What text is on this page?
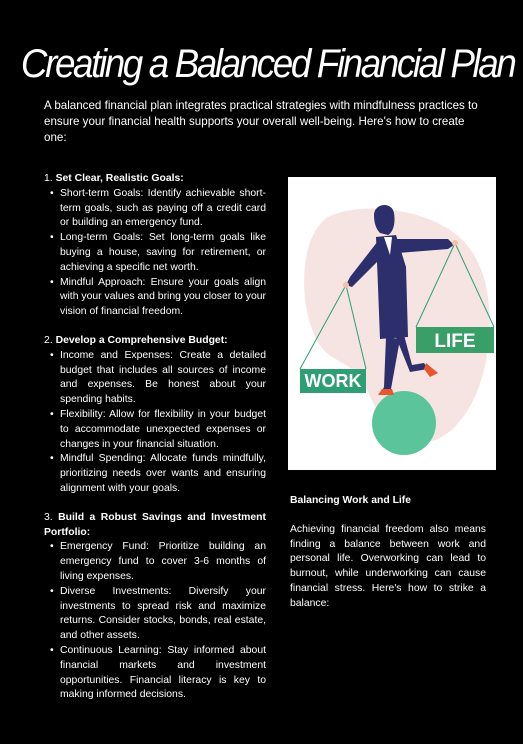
Creating a Balanced Financial Plan
A balanced financial plan integrates practical strategies with mindfulness practices to ensure your financial health supports your overall well-being. Here's how to create one:
1. Set Clear, Realistic Goals:
• Short-term Goals: Identify achievable short-term goals, such as paying off a credit card or building an emergency fund.
• Long-term Goals: Set long-term goals like buying a house, saving for retirement, or achieving a specific net worth.
• Mindful Approach: Ensure your goals align with your values and bring you closer to your vision of financial freedom.
2. Develop a Comprehensive Budget:
• Income and Expenses: Create a detailed budget that includes all sources of income and expenses. Be honest about your spending habits.
• Flexibility: Allow for flexibility in your budget to accommodate unexpected expenses or changes in your financial situation.
• Mindful Spending: Allocate funds mindfully, prioritizing needs over wants and ensuring alignment with your goals.
3. Build a Robust Savings and Investment Portfolio:
• Emergency Fund: Prioritize building an emergency fund to cover 3-6 months of living expenses.
• Diverse Investments: Diversify your investments to spread risk and maximize returns. Consider stocks, bonds, real estate, and other assets.
• Continuous Learning: Stay informed about financial markets and investment opportunities. Financial literacy is key to making informed decisions.
LIFE
WORK
Balancing Work and Life
Achieving financial freedom also means finding a balance between work and personal life. Overworking can lead to burnout, while underworking can cause financial stress. Here's how to strike a balance:
